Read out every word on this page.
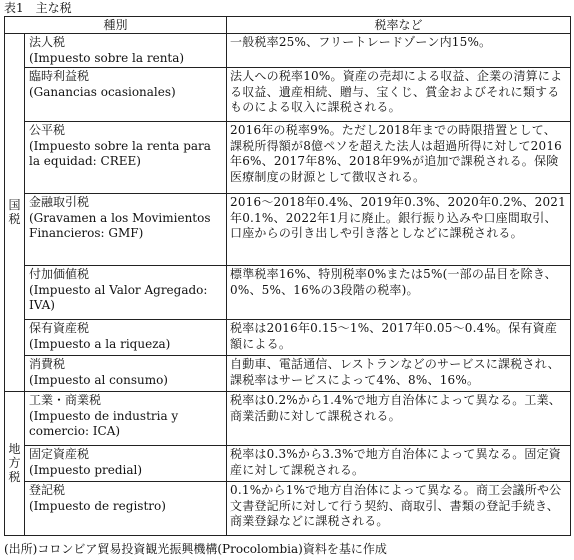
表1　主な税
種別		税率など
国税	法人税
(Impuesto sobre la renta)	一般税率25%、フリートレードゾーン内15%。

	臨時利益税
(Ganancias ocasionales)	法人への税率10%。資産の売却による収益、企業の清算による収益、遺産相続、贈与、宝くじ、賞金およびそれに類するものによる収入に課税される。

	公平税
(Impuesto sobre la renta para la equidad: CREE)	2016年の税率9%。ただし2018年までの時限措置として、課税所得額が8億ペソを超えた法人は超過所得に対して2016年6%、2017年8%、2018年9%が追加で課税される。保険医療制度の財源として徴収される。

	金融取引税
(Gravamen a los Movimientos Financieros: GMF)	2016～2018年0.4%、2019年0.3%、2020年0.2%、2021年0.1%、2022年1月に廃止。銀行振り込みや口座間取引、口座からの引き出しや引き落としなどに課税される。

	付加価値税
(Impuesto al Valor Agregado: IVA)	標準税率16%、特別税率0%または5%(一部の品目を除き、0%、5%、16%の3段階の税率)。

	保有資産税
(Impuesto a la riqueza)	税率は2016年0.15～1%、2017年0.05～0.4%。保有資産額による。

	消費税
(Impuesto al consumo)	自動車、電話通信、レストランなどのサービスに課税され、課税率はサービスによって4%、8%、16%。
地方税	工業・商業税
(Impuesto de industria y comercio: ICA)	税率は0.2%から1.4%で地方自治体によって異なる。工業、商業活動に対して課税される。

	固定資産税
(Impuesto predial)	税率は0.3%から3.3%で地方自治体によって異なる。固定資産に対して課税される。

	登記税
(Impuesto de registro)	0.1%から1%で地方自治体によって異なる。商工会議所や公文書登記所に対して行う契約、商取引、書類の登記手続き、商業登録などに課税される。
(出所)コロンビア貿易投資観光振興機構(Procolombia)資料を基に作成
